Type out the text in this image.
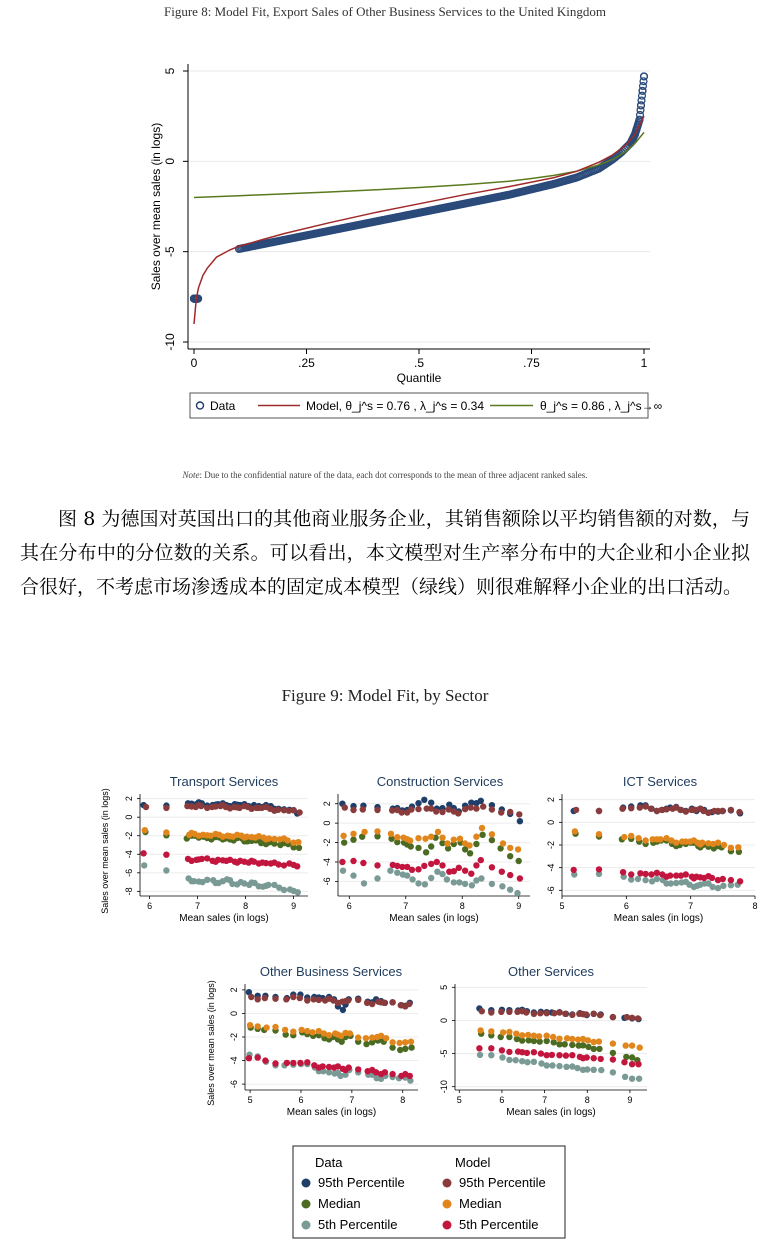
Figure 8: Model Fit, Export Sales of Other Business Services to the United Kingdom
-10
-5
0
5
0	.25	.5	.75	1
Quantile
Sales over mean sales (in logs)
Data	Model, θ_j^s = 0.76 , λ_j^s = 0.34	θ_j^s = 0.86 , λ_j^s→∞
Note: Due to the confidential nature of the data, each dot corresponds to the mean of three adjacent ranked sales.
图 8 为德国对英国出口的其他商业服务企业，其销售额除以平均销售额的对数，与其在分布中的分位数的关系。可以看出，本文模型对生产率分布中的大企业和小企业拟合很好，不考虑市场渗透成本的固定成本模型（绿线）则很难解释小企业的出口活动。
Figure 9: Model Fit, by Sector
Transport Services
2
0
-2
-4
-6
-8
6	7	8	9
Mean sales (in logs)
Sales over mean sales (in logs)
Construction Services
2
0
-2
-4
-6
6	7	8	9
Mean sales (in logs)
ICT Services
2
0
-2
-4
-6
5	6	7	8
Mean sales (in logs)
Other Business Services
2
0
-2
-4
-6
5	6	7	8
Mean sales (in logs)
Sales over mean sales (in logs)
Other Services
5
0
-5
-10
5	6	7	8	9
Mean sales (in logs)
Data	Model
95th Percentile
Median
5th Percentile
95th Percentile
Median
5th Percentile
